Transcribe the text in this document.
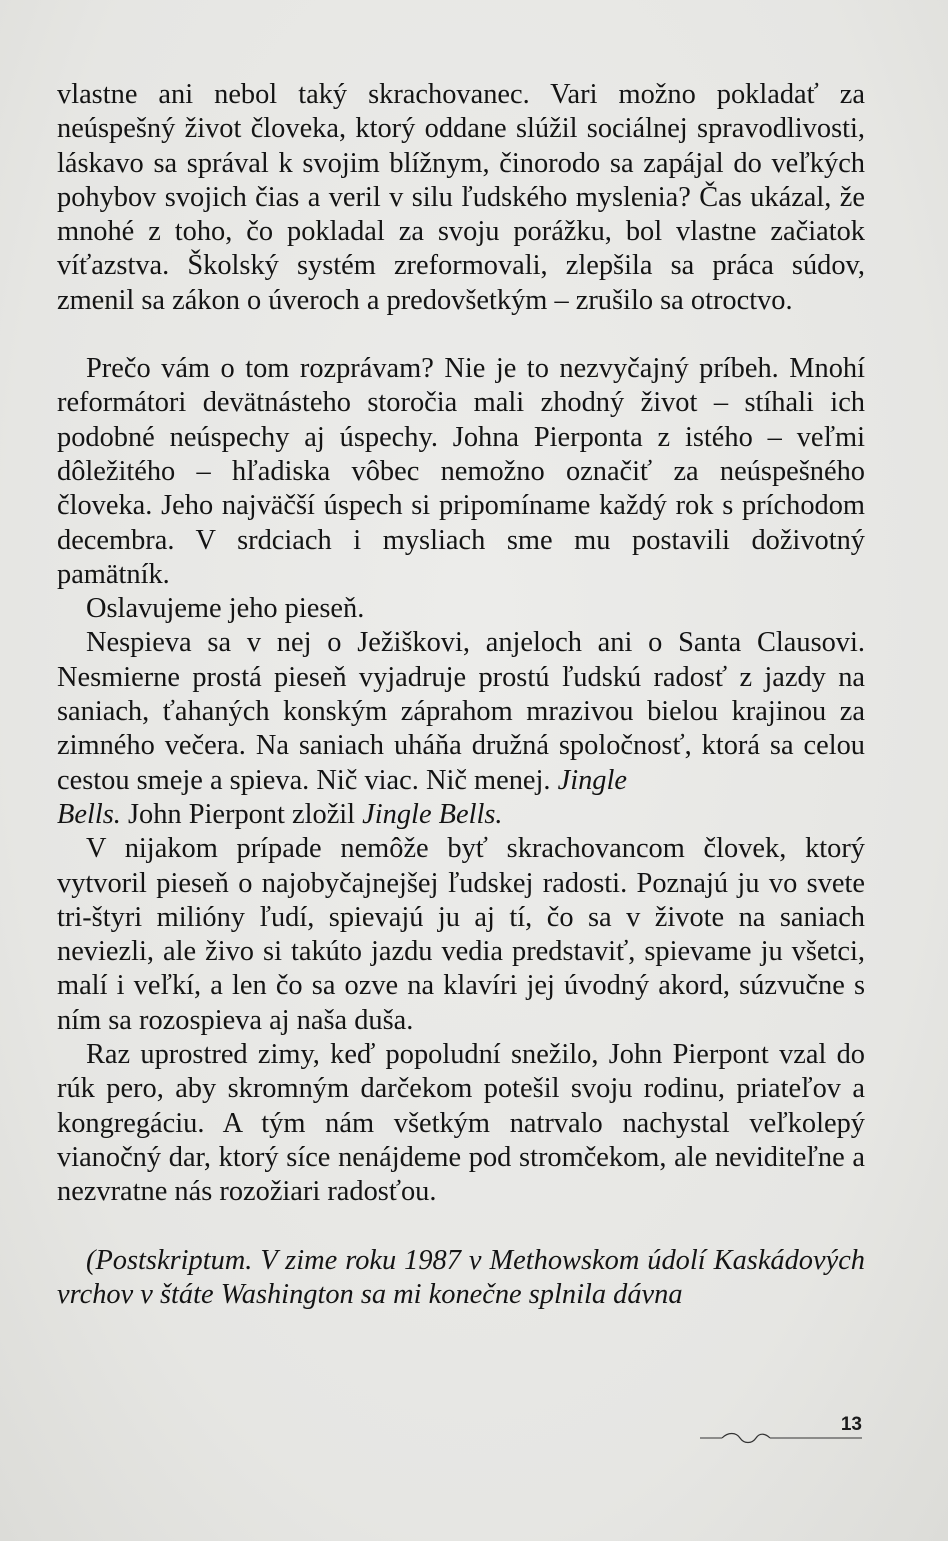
vlastne ani nebol taký skrachovanec. Vari možno pokladať za neúspešný život človeka, ktorý oddane slúžil sociálnej spravodlivosti, láskavo sa správal k svojim blížnym, činorodo sa zapájal do veľkých pohybov svojich čias a veril v silu ľudského myslenia? Čas ukázal, že mnohé z toho, čo pokladal za svoju porážku, bol vlastne začiatok víťazstva. Školský systém zreformovali, zlepšila sa práca súdov, zmenil sa zákon o úveroch a predovšetkým – zrušilo sa otroctvo.

Prečo vám o tom rozprávam? Nie je to nezvyčajný príbeh. Mnohí reformátori devätnásteho storočia mali zhodný život – stíhali ich podobné neúspechy aj úspechy. Johna Pierponta z istého – veľmi dôležitého – hľadiska vôbec nemožno označiť za neúspešného človeka. Jeho najväčší úspech si pripomíname každý rok s príchodom decembra. V srdciach i mysliach sme mu postavili doživotný pamätník.

Oslavujeme jeho pieseň.

Nespieva sa v nej o Ježiškovi, anjeloch ani o Santa Clausovi. Nesmierne prostá pieseň vyjadruje prostú ľudskú radosť z jazdy na saniach, ťahaných konským záprahom mrazivou bielou krajinou za zimného večera. Na saniach uháňa družná spoločnosť, ktorá sa celou cestou smeje a spieva. Nič viac. Nič menej. Jingle
Bells. John Pierpont zložil Jingle Bells.

V nijakom prípade nemôže byť skrachovancom človek, ktorý vytvoril pieseň o najobyčajnejšej ľudskej radosti. Poznajú ju vo svete tri-štyri milióny ľudí, spievajú ju aj tí, čo sa v živote na saniach neviezli, ale živo si takúto jazdu vedia predstaviť, spievame ju všetci, malí i veľkí, a len čo sa ozve na klavíri jej úvodný akord, súzvučne s ním sa rozospieva aj naša duša.

Raz uprostred zimy, keď popoludní snežilo, John Pierpont vzal do rúk pero, aby skromným darčekom potešil svoju rodinu, priateľov a kongregáciu. A tým nám všetkým natrvalo nachystal veľkolepý vianočný dar, ktorý síce nenájdeme pod stromčekom, ale neviditeľne a nezvratne nás rozožiari radosťou.

(Postskriptum. V zime roku 1987 v Methowskom údolí Kaskádových vrchov v štáte Washington sa mi konečne splnila dávna

13
